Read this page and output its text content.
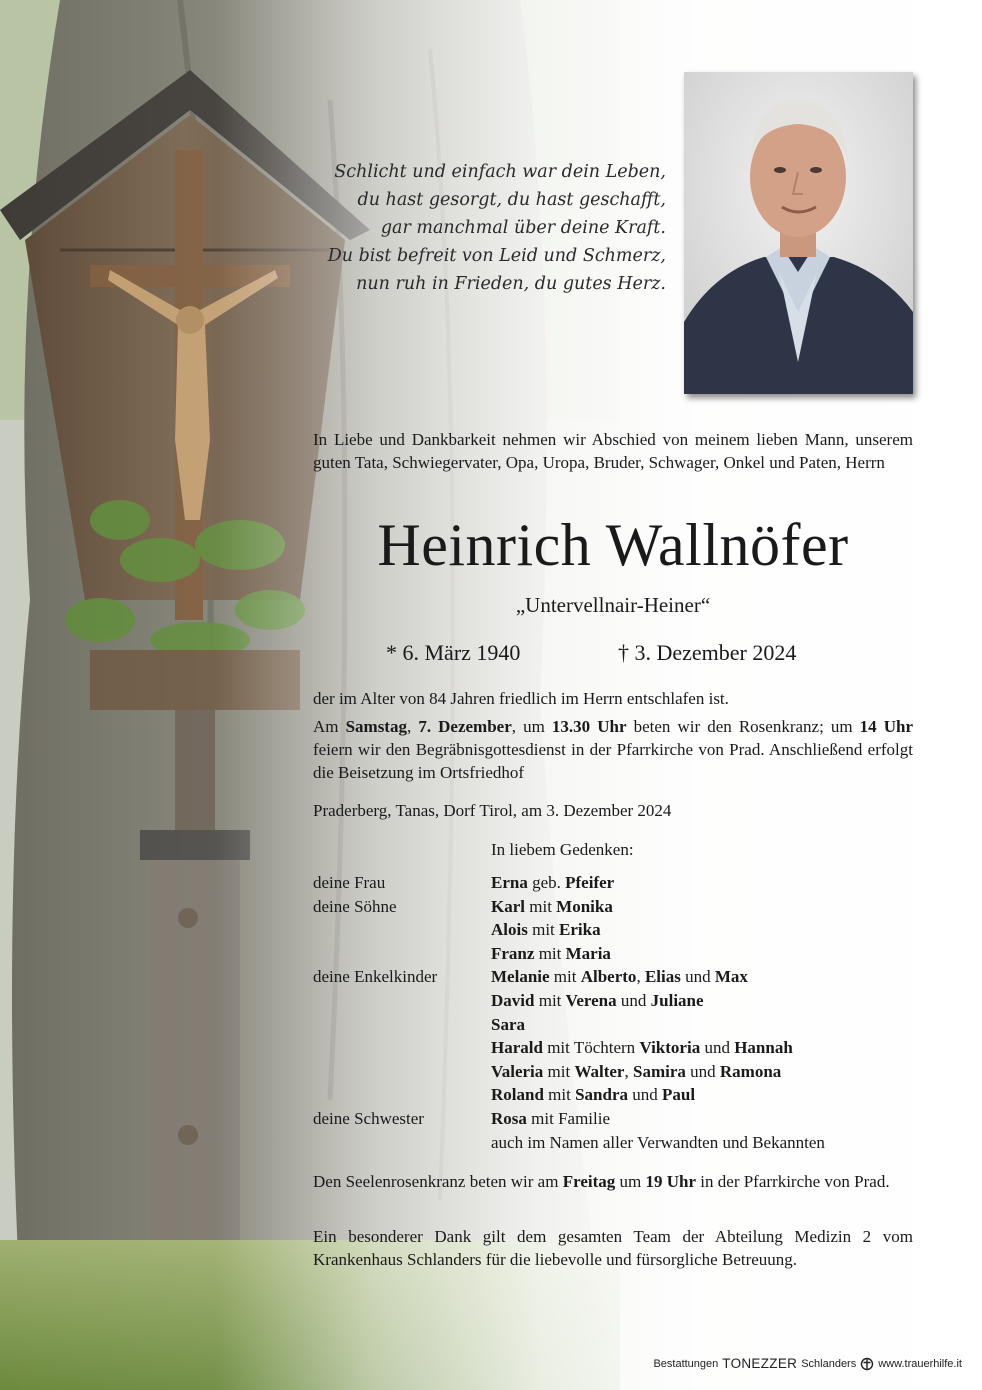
Schlicht und einfach war dein Leben,
du hast gesorgt, du hast geschafft,
gar manchmal über deine Kraft.
Du bist befreit von Leid und Schmerz,
nun ruh in Frieden, du gutes Herz.
In Liebe und Dankbarkeit nehmen wir Abschied von meinem lieben Mann, unserem guten Tata, Schwiegervater, Opa, Uropa, Bruder, Schwager, Onkel und Paten, Herrn
Heinrich Wallnöfer
„Untervellnair-Heiner“
* 6. März 1940	† 3. Dezember 2024
der im Alter von 84 Jahren friedlich im Herrn entschlafen ist.
Am Samstag, 7. Dezember, um 13.30 Uhr beten wir den Rosenkranz; um 14 Uhr feiern wir den Begräbnisgottesdienst in der Pfarrkirche von Prad. Anschließend erfolgt die Beisetzung im Ortsfriedhof
Praderberg, Tanas, Dorf Tirol, am 3. Dezember 2024
In liebem Gedenken:
deine Frau	Erna geb. Pfeifer
deine Söhne	Karl mit Monika
Alois mit Erika
Franz mit Maria
deine Enkelkinder	Melanie mit Alberto, Elias und Max
David mit Verena und Juliane
Sara
Harald mit Töchtern Viktoria und Hannah
Valeria mit Walter, Samira und Ramona
Roland mit Sandra und Paul
deine Schwester	Rosa mit Familie
auch im Namen aller Verwandten und Bekannten
Den Seelenrosenkranz beten wir am Freitag um 19 Uhr in der Pfarrkirche von Prad.
Ein besonderer Dank gilt dem gesamten Team der Abteilung Medizin 2 vom Krankenhaus Schlanders für die liebevolle und fürsorgliche Betreuung.
Bestattungen TONEZZER Schlanders www.trauerhilfe.it
